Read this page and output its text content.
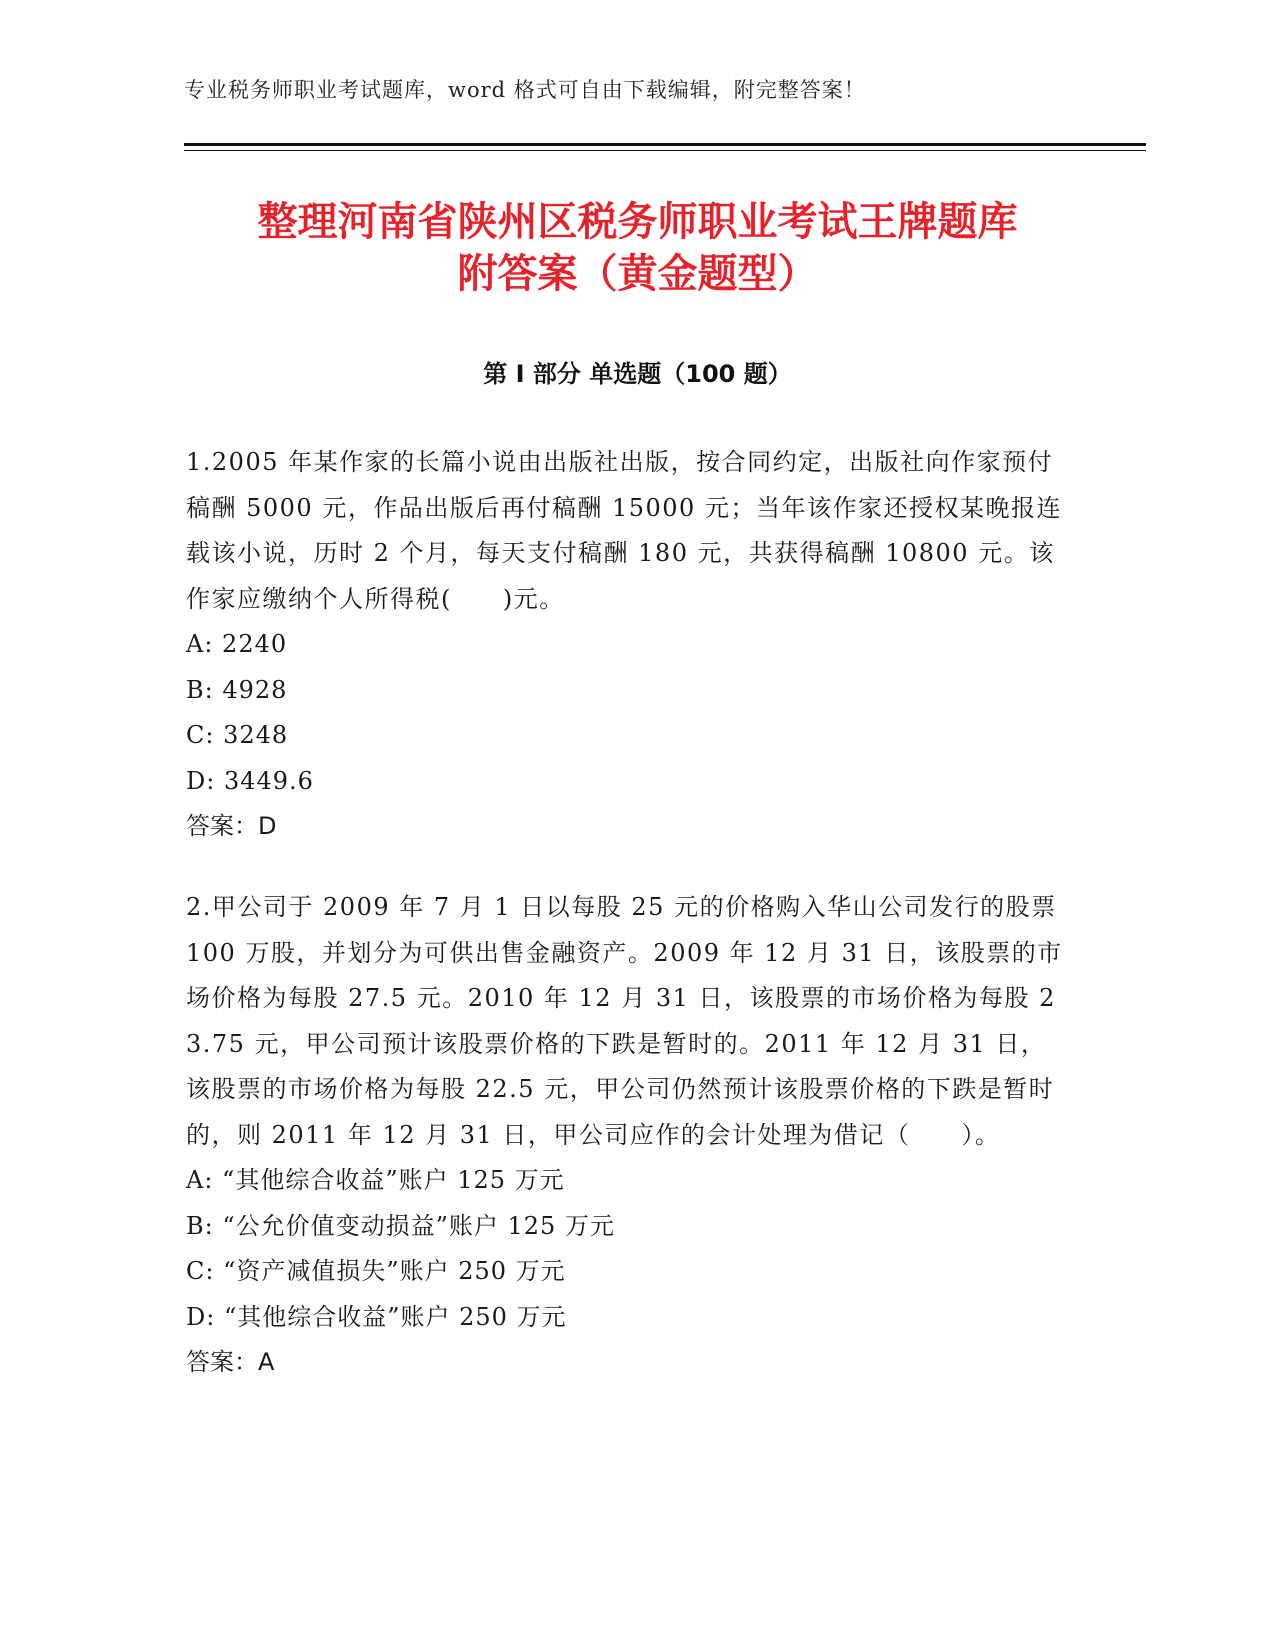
专业税务师职业考试题库，word 格式可自由下载编辑，附完整答案！
整理河南省陕州区税务师职业考试王牌题库
附答案（黄金题型）
第 I 部分 单选题（100 题）

1.2005 年某作家的长篇小说由出版社出版，按合同约定，出版社向作家预付稿酬 5000 元，作品出版后再付稿酬 15000 元；当年该作家还授权某晚报连载该小说，历时 2 个月，每天支付稿酬 180 元，共获得稿酬 10800 元。该作家应缴纳个人所得税(　　)元。

A: 2240

B: 4928

C: 3248

D: 3449.6

答案：D

2.甲公司于 2009 年 7 月 1 日以每股 25 元的价格购入华山公司发行的股票 100 万股，并划分为可供出售金融资产。2009 年 12 月 31 日，该股票的市场价格为每股 27.5 元。2010 年 12 月 31 日，该股票的市场价格为每股 23.75 元，甲公司预计该股票价格的下跌是暂时的。2011 年 12 月 31 日，该股票的市场价格为每股 22.5 元，甲公司仍然预计该股票价格的下跌是暂时的，则 2011 年 12 月 31 日，甲公司应作的会计处理为借记（　　）。

A: “其他综合收益”账户 125 万元

B: “公允价值变动损益”账户 125 万元

C: “资产减值损失”账户 250 万元

D: “其他综合收益”账户 250 万元

答案：A
